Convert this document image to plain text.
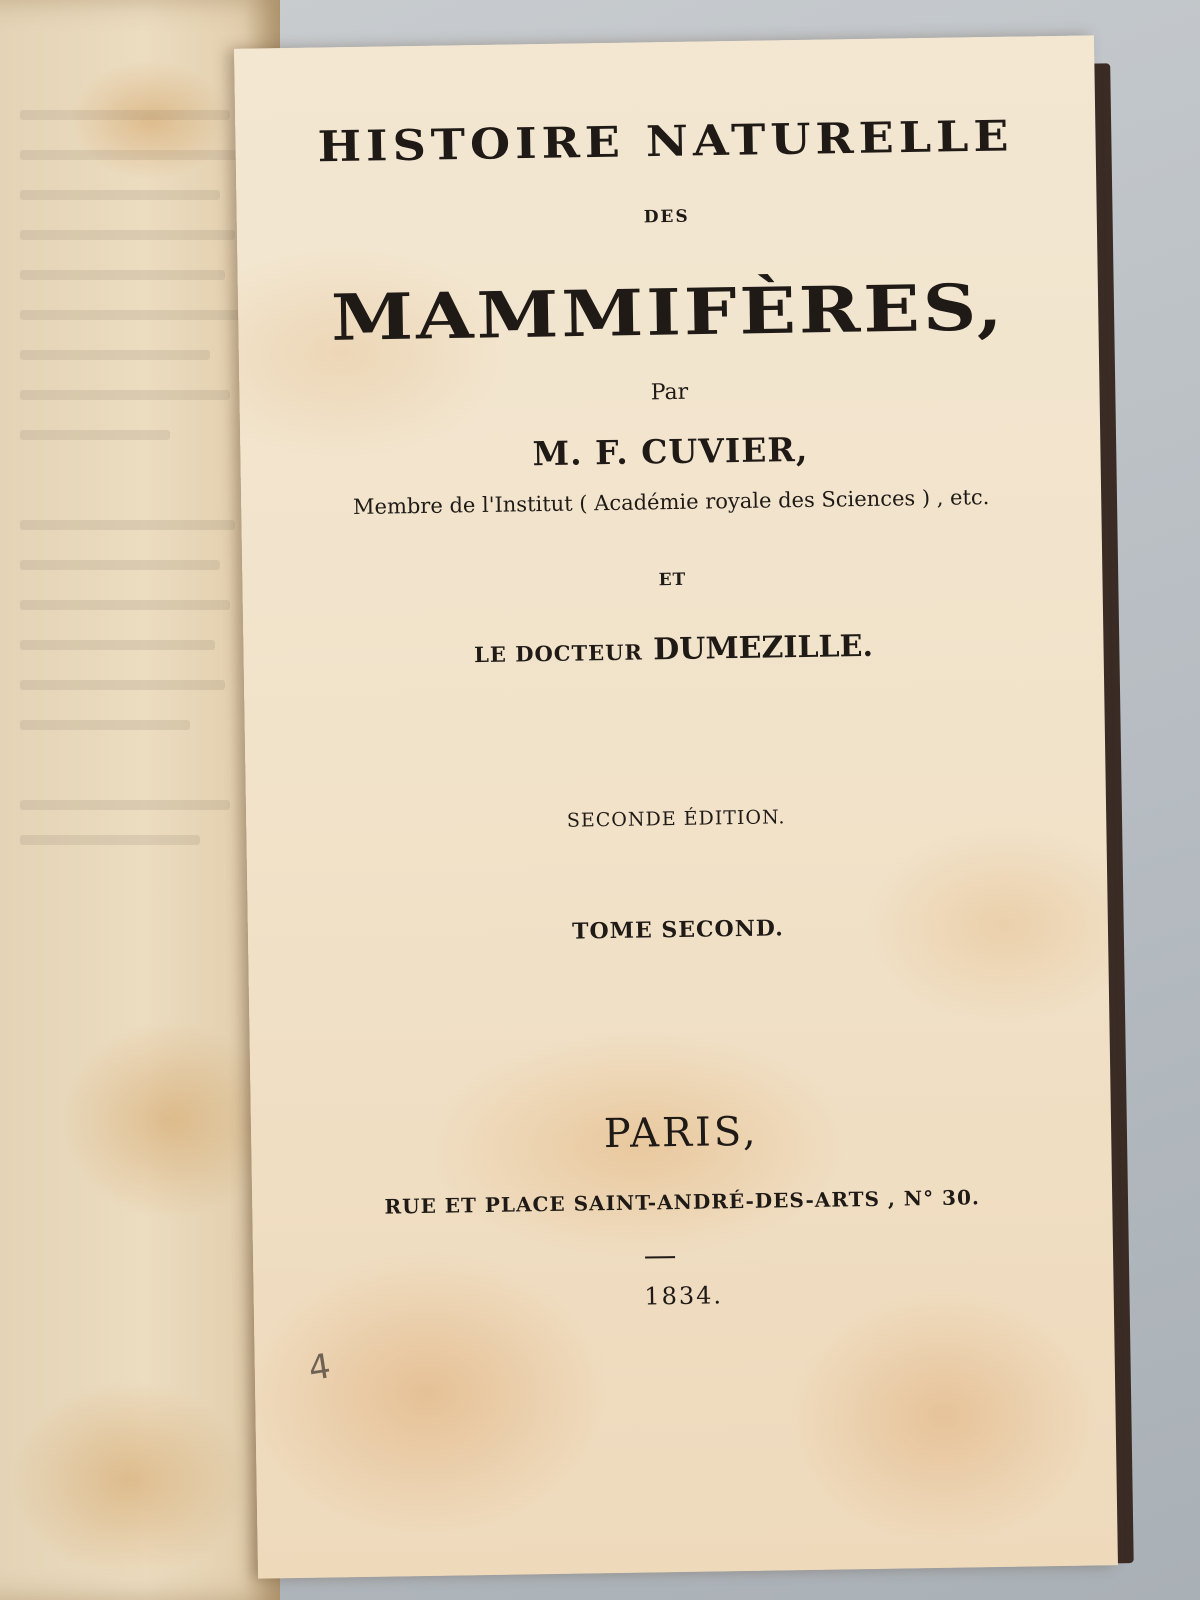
HISTOIRE NATURELLE

DES

MAMMIFÈRES,

Par

M. F. CUVIER,

Membre de l'Institut ( Académie royale des Sciences ) , etc.

ET

LE DOCTEUR DUMEZILLE.

SECONDE ÉDITION.

TOME SECOND.

PARIS,

RUE ET PLACE SAINT-ANDRÉ-DES-ARTS , N° 30.

1834.

4
